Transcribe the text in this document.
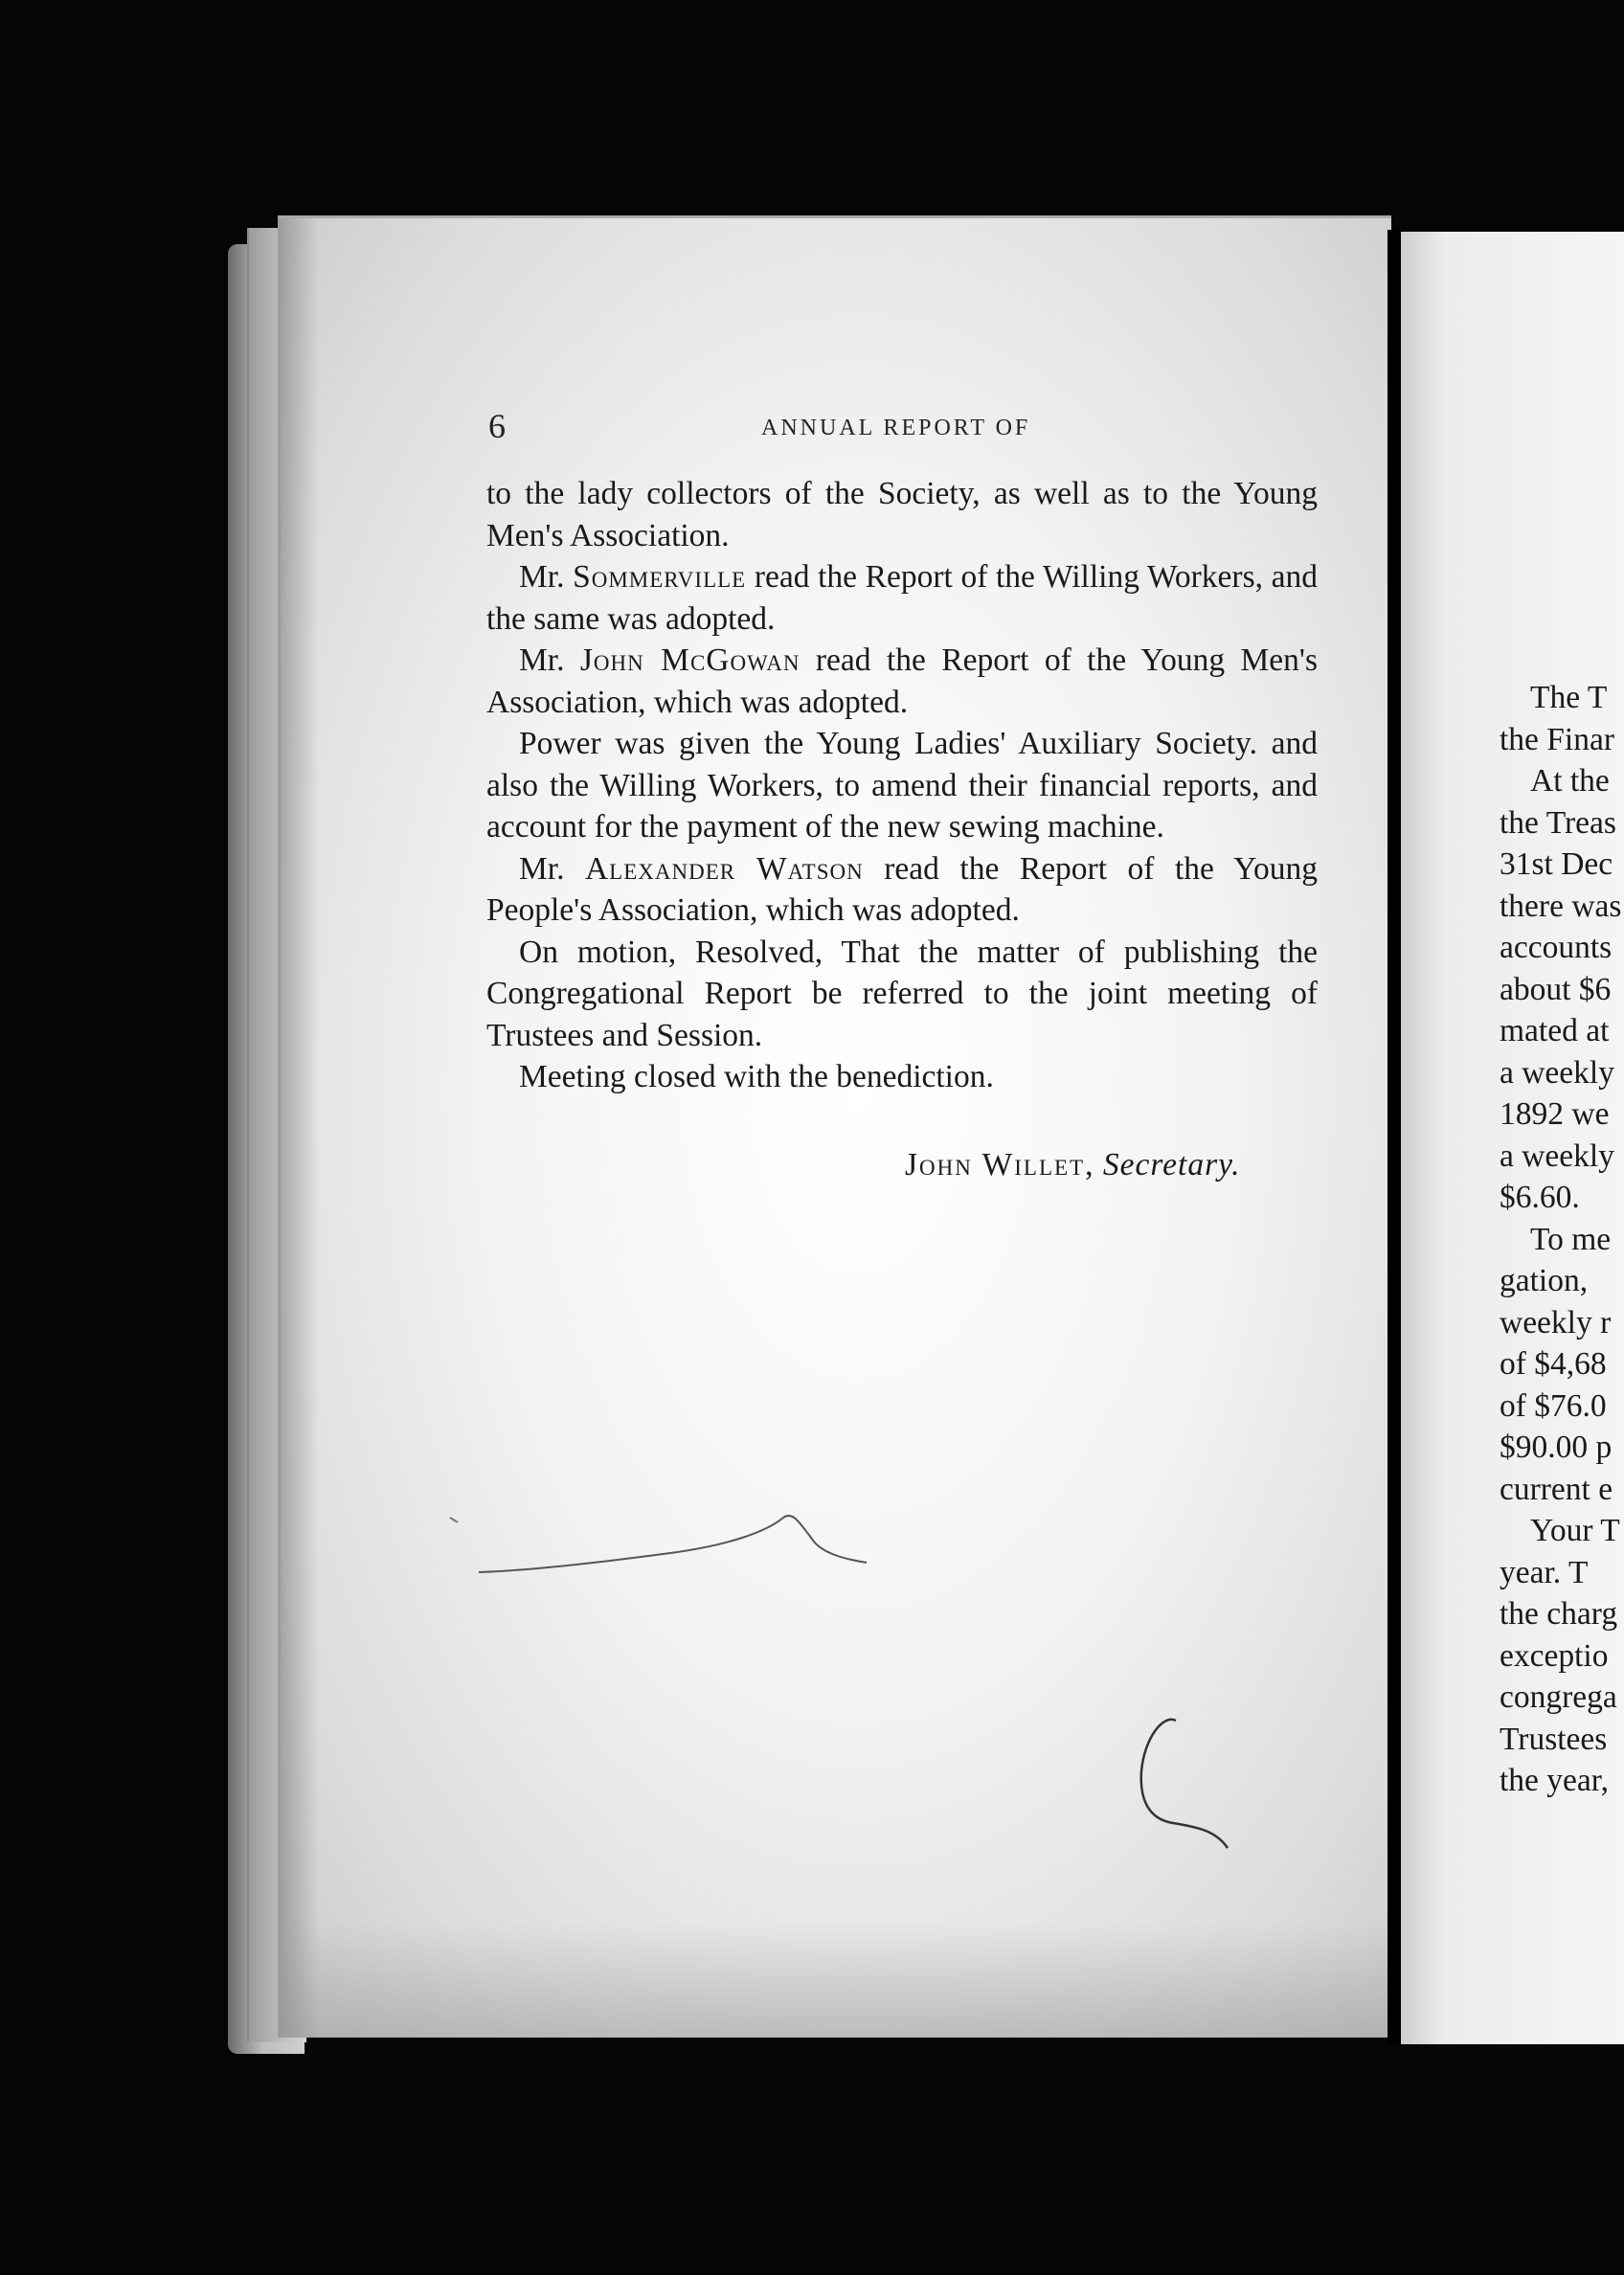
6	ANNUAL REPORT OF

to the lady collectors of the Society, as well as to the Young Men's Association.

Mr. Sommerville read the Report of the Willing Workers, and the same was adopted.

Mr. John McGowan read the Report of the Young Men's Association, which was adopted.

Power was given the Young Ladies' Auxiliary Society. and also the Willing Workers, to amend their financial reports, and account for the payment of the new sewing machine.

Mr. Alexander Watson read the Report of the Young People's Association, which was adopted.

On motion, Resolved, That the matter of publishing the Congregational Report be referred to the joint meeting of Trustees and Session.

Meeting closed with the benediction.

John Willet, Secretary.
The T
the Finar
At the
the Treas
31st Dec
there was
accounts
about $6
mated at
a weekly
1892 we
a weekly
$6.60.
To me
gation,
weekly r
of $4,68
of $76.0
$90.00 p
current e
Your T
year. T
the charg
exceptio
congrega
Trustees
the year,
